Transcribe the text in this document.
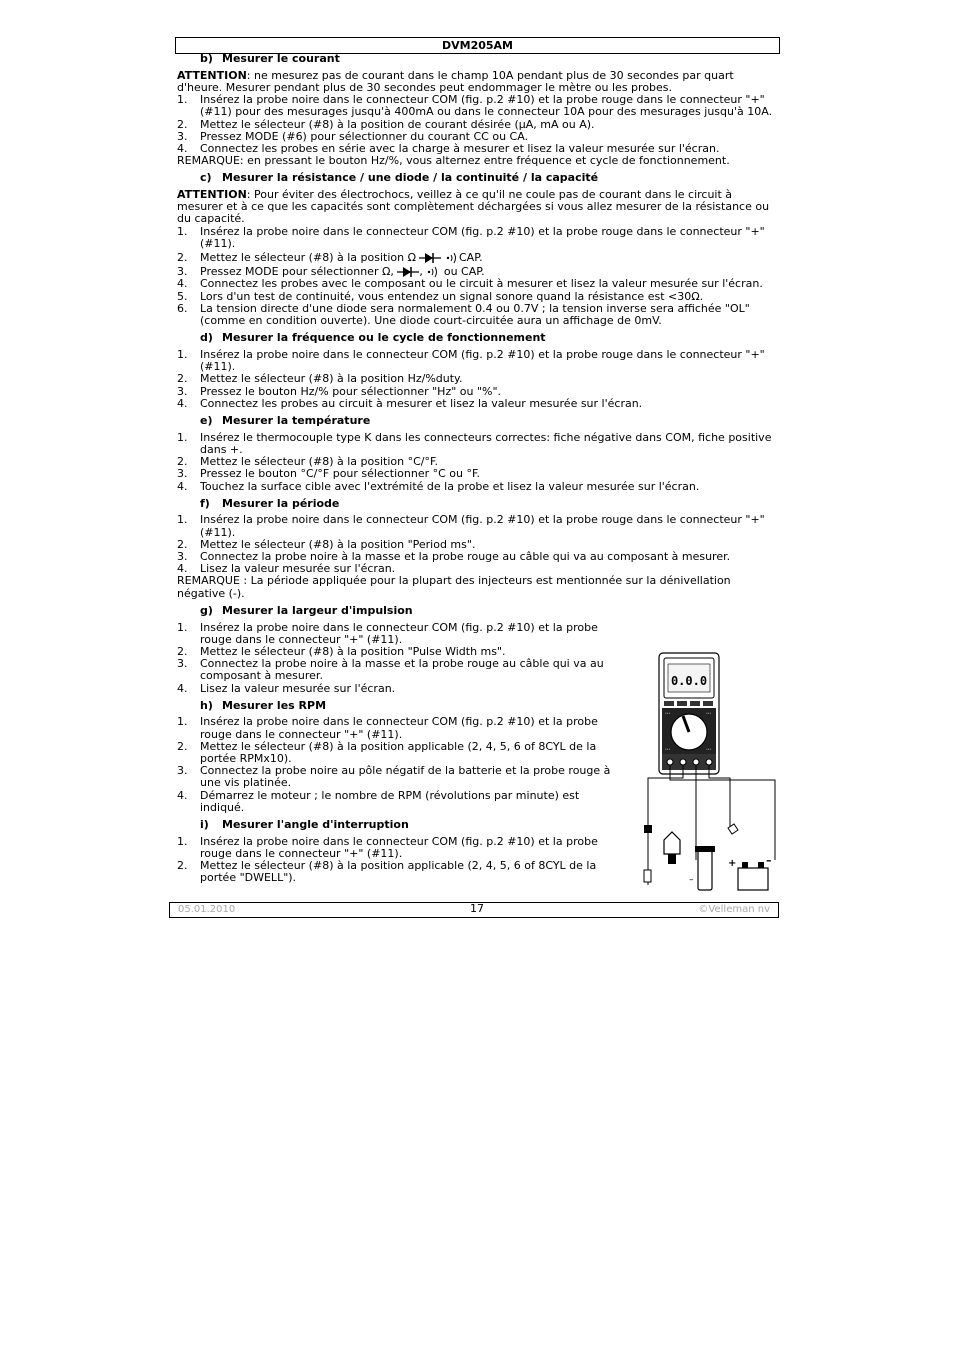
DVM205AM
b) Mesurer le courant

ATTENTION: ne mesurez pas de courant dans le champ 10A pendant plus de 30 secondes par quart d'heure. Mesurer pendant plus de 30 secondes peut endommager le mètre ou les probes.

1. Insérez la probe noire dans le connecteur COM (fig. p.2 #10) et la probe rouge dans le connecteur "+" (#11) pour des mesurages jusqu'à 400mA ou dans le connecteur 10A pour des mesurages jusqu'à 10A.
2. Mettez le sélecteur (#8) à la position de courant désirée (µA, mA ou A).
3. Pressez MODE (#6) pour sélectionner du courant CC ou CA.
4. Connectez les probes en série avec la charge à mesurer et lisez la valeur mesurée sur l'écran.

REMARQUE: en pressant le bouton Hz/%, vous alternez entre fréquence et cycle de fonctionnement.

c) Mesurer la résistance / une diode / la continuité / la capacité

ATTENTION: Pour éviter des électrochocs, veillez à ce qu'il ne coule pas de courant dans le circuit à mesurer et à ce que les capacités sont complètement déchargées si vous allez mesurer de la résistance ou du capacité.

1. Insérez la probe noire dans le connecteur COM (fig. p.2 #10) et la probe rouge dans le connecteur "+" (#11).
2. Mettez le sélecteur (#8) à la position Ω	CAP.
3. Pressez MODE pour sélectionner Ω, ,  ou CAP.
4. Connectez les probes avec le composant ou le circuit à mesurer et lisez la valeur mesurée sur l'écran.
5. Lors d'un test de continuité, vous entendez un signal sonore quand la résistance est <30Ω.
6. La tension directe d'une diode sera normalement 0.4 ou 0.7V ; la tension inverse sera affichée "OL" (comme en condition ouverte). Une diode court-circuitée aura un affichage de 0mV.
d) Mesurer la fréquence ou le cycle de fonctionnement
1. Insérez la probe noire dans le connecteur COM (fig. p.2 #10) et la probe rouge dans le connecteur "+" (#11).
2. Mettez le sélecteur (#8) à la position Hz/%duty.
3. Pressez le bouton Hz/% pour sélectionner "Hz" ou "%".
4. Connectez les probes au circuit à mesurer et lisez la valeur mesurée sur l'écran.
e) Mesurer la température
1. Insérez le thermocouple type K dans les connecteurs correctes: fiche négative dans COM, fiche positive dans +.
2. Mettez le sélecteur (#8) à la position °C/°F.
3. Pressez le bouton °C/°F pour sélectionner °C ou °F.
4. Touchez la surface cible avec l'extrémité de la probe et lisez la valeur mesurée sur l'écran.
f) Mesurer la période
1. Insérez la probe noire dans le connecteur COM (fig. p.2 #10) et la probe rouge dans le connecteur "+" (#11).
2. Mettez le sélecteur (#8) à la position "Period ms".
3. Connectez la probe noire à la masse et la probe rouge au câble qui va au composant à mesurer.
4. Lisez la valeur mesurée sur l'écran.

REMARQUE : La période appliquée pour la plupart des injecteurs est mentionnée sur la dénivellation négative (-).

g) Mesurer la largeur d'impulsion
1. Insérez la probe noire dans le connecteur COM (fig. p.2 #10) et la probe rouge dans le connecteur "+" (#11).
2. Mettez le sélecteur (#8) à la position "Pulse Width ms".
3. Connectez la probe noire à la masse et la probe rouge au câble qui va au composant à mesurer.
4. Lisez la valeur mesurée sur l'écran.
h) Mesurer les RPM
1. Insérez la probe noire dans le connecteur COM (fig. p.2 #10) et la probe rouge dans le connecteur "+" (#11).
2. Mettez le sélecteur (#8) à la position applicable (2, 4, 5, 6 of 8CYL de la portée RPMx10).
3. Connectez la probe noire au pôle négatif de la batterie et la probe rouge à une vis platinée.
4. Démarrez le moteur ; le nombre de RPM (révolutions par minute) est indiqué.
i) Mesurer l'angle d'interruption
1. Insérez la probe noire dans le connecteur COM (fig. p.2 #10) et la probe rouge dans le connecteur "+" (#11).
2. Mettez le sélecteur (#8) à la position applicable (2, 4, 5, 6 of 8CYL de la portée "DWELL").
0.0.0
•••	•••
•••	•••
–
+	–
05.01.2010	17	©Velleman nv
